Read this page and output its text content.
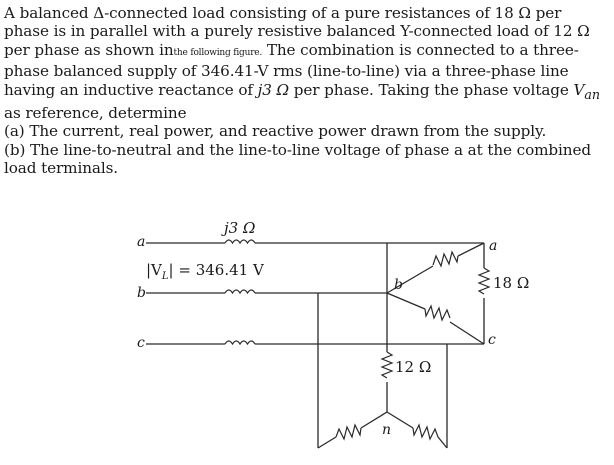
A balanced Δ-connected load consisting of a pure resistances of 18 Ω per phase is in parallel with a purely resistive balanced Y-connected load of 12 Ω per phase as shown inthe following figure. The combination is connected to a three-phase balanced supply of 346.41-V rms (line-to-line) via a three-phase line having an inductive reactance of j3 Ω per phase. Taking the phase voltage $V_{an}$ as reference, determine

(a) The current, real power, and reactive power drawn from the supply.

(b) The line-to-neutral and the line-to-line voltage of phase a at the combined load terminals.

j3 Ω
a
b
c
$|V_L| = 346.41$ V
a
b
c
n
18 Ω
12 Ω
